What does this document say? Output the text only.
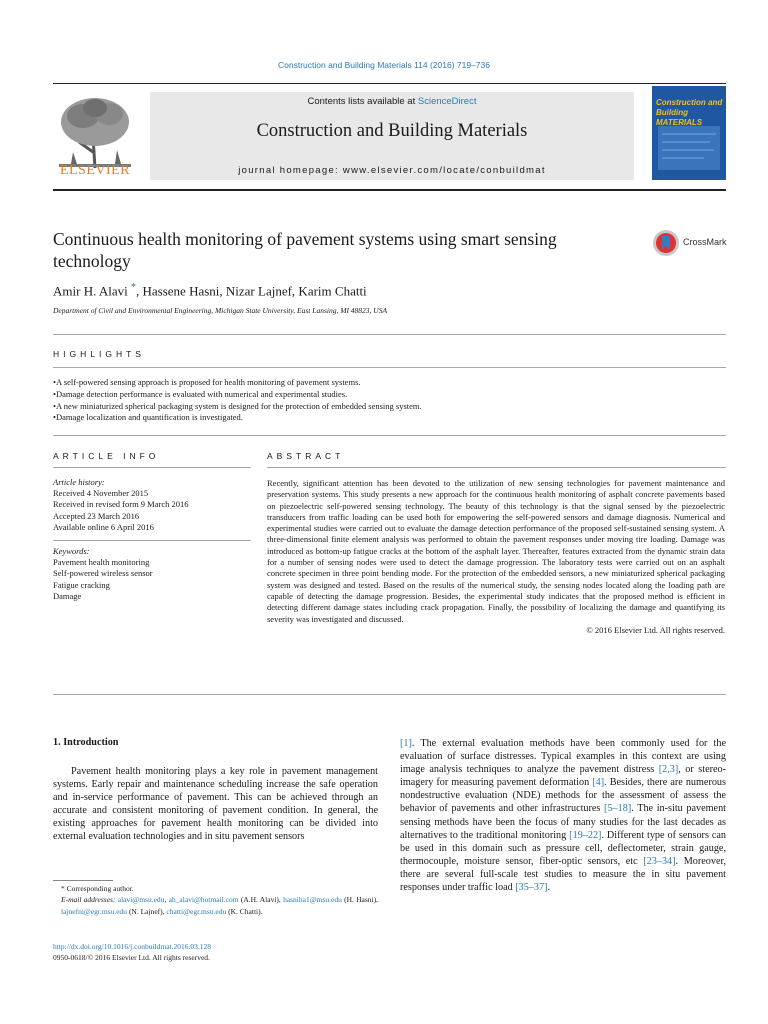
Construction and Building Materials 114 (2016) 719–736
ELSEVIER
Contents lists available at ScienceDirect
Construction and Building Materials
journal homepage: www.elsevier.com/locate/conbuildmat
Construction and Building MATERIALS
Continuous health monitoring of pavement systems using smart sensing technology
CrossMark
Amir H. Alavi *, Hassene Hasni, Nizar Lajnef, Karim Chatti
Department of Civil and Environmental Engineering, Michigan State University, East Lansing, MI 48823, USA
HIGHLIGHTS
• A self-powered sensing approach is proposed for health monitoring of pavement systems.
• Damage detection performance is evaluated with numerical and experimental studies.
• A new miniaturized spherical packaging system is designed for the protection of embedded sensing system.
• Damage localization and quantification is investigated.
ARTICLE INFO
Article history:
Received 4 November 2015
Received in revised form 9 March 2016
Accepted 23 March 2016
Available online 6 April 2016
Keywords:
Pavement health monitoring
Self-powered wireless sensor
Fatigue cracking
Damage
ABSTRACT
Recently, significant attention has been devoted to the utilization of new sensing technologies for pavement maintenance and preservation systems. This study presents a new approach for the continuous health monitoring of asphalt concrete pavements based on piezoelectric self-powered sensing technology. The beauty of this technology is that the signal sensed by the piezoelectric transducers from traffic loading can be used both for empowering the self-powered sensors and damage diagnosis. Numerical and experimental studies were carried out to evaluate the damage detection performance of the proposed self-sustained sensing system. A three-dimensional finite element analysis was performed to obtain the pavement responses under moving tire loading. Damage was introduced as bottom-up fatigue cracks at the bottom of the asphalt layer. Thereafter, features extracted from the dynamic strain data for a number of sensing nodes were used to detect the damage progression. The laboratory tests were carried out on an asphalt concrete specimen in three point bending mode. For the protection of the embedded sensors, a new miniaturized spherical packaging system was designed and tested. Based on the results of the numerical study, the sensing nodes located along the loading path are capable of detecting the damage progression. Besides, the experimental study indicates that the proposed method is efficient in detecting different damage states including crack propagation. Finally, the possibility of localizing the damage and quantifying its severity was investigated and discussed.
© 2016 Elsevier Ltd. All rights reserved.
1. Introduction
Pavement health monitoring plays a key role in pavement management systems. Early repair and maintenance scheduling increase the safe operation and in-service performance of pavement. This can be achieved through an accurate and consistent monitoring of pavement condition. In general, the existing approaches for pavement health monitoring can be divided into external evaluation technologies and in situ pavement sensors
[1]. The external evaluation methods have been commonly used for the evaluation of surface distresses. Typical examples in this context are using image analysis techniques to analyze the pavement distress [2,3], or stereo-imagery for measuring pavement deformation [4]. Besides, there are numerous nondestructive evaluation (NDE) methods for the assessment of assess the behavior of pavements and other infrastructures [5–18]. The in-situ pavement sensing methods have been the focus of many studies for the last decades as alternatives to the traditional monitoring [19–22]. Different type of sensors can be used in this domain such as pressure cell, deflectometer, strain gauge, thermocouple, moisture sensor, fiber-optic sensors, etc [23–34]. Moreover, there are several full-scale test studies to measure the in situ pavement responses under traffic load [35–37].
* Corresponding author.
E-mail addresses: alavi@msu.edu, ah_alavi@hotmail.com (A.H. Alavi), hasniha1@msu.edu (H. Hasni), lajnefni@egr.msu.edu (N. Lajnef), chatti@egr.msu.edu (K. Chatti).
http://dx.doi.org/10.1016/j.conbuildmat.2016.03.128
0950-0618/© 2016 Elsevier Ltd. All rights reserved.
